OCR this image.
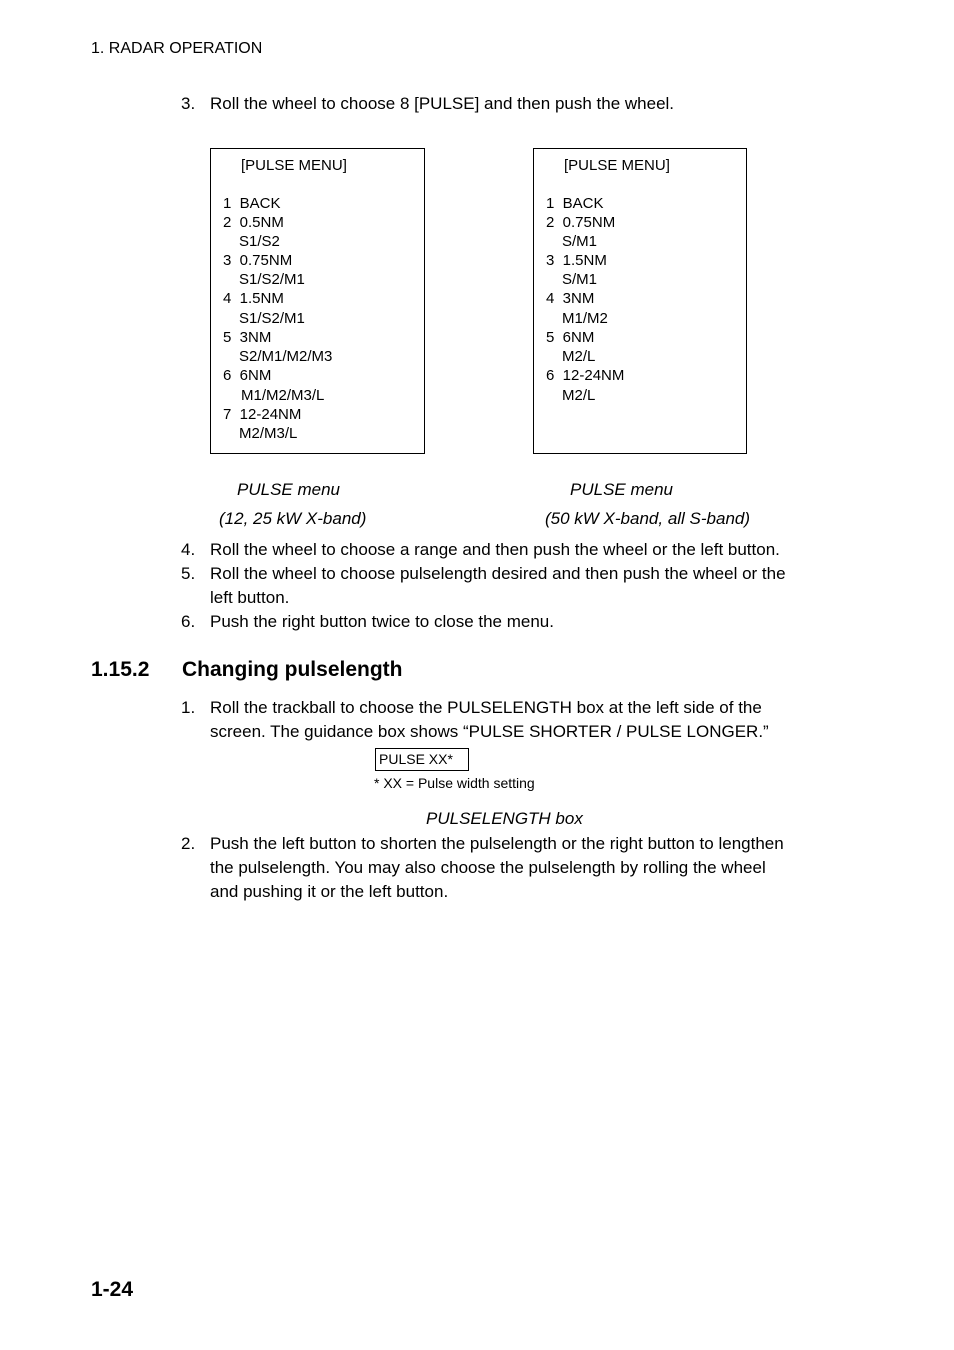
1. RADAR OPERATION
3. Roll the wheel to choose 8 [PULSE] and then push the wheel.
[PULSE MENU]
1  BACK
2  0.5NM
S1/S2
3  0.75NM
S1/S2/M1
4  1.5NM
S1/S2/M1
5  3NM
S2/M1/M2/M3
6  6NM
M1/M2/M3/L
7  12-24NM
M2/M3/L
[PULSE MENU]
1  BACK
2  0.75NM
S/M1
3  1.5NM
S/M1
4  3NM
M1/M2
5  6NM
M2/L
6  12-24NM
M2/L
PULSE menu
(12, 25 kW X-band)
PULSE menu
(50 kW X-band, all S-band)
4. Roll the wheel to choose a range and then push the wheel or the left button.
5. Roll the wheel to choose pulselength desired and then push the wheel or the
left button.
6. Push the right button twice to close the menu.
1.15.2 Changing pulselength
1. Roll the trackball to choose the PULSELENGTH box at the left side of the
screen. The guidance box shows “PULSE SHORTER / PULSE LONGER.”
PULSE XX*
* XX = Pulse width setting
PULSELENGTH box
2. Push the left button to shorten the pulselength or the right button to lengthen
the pulselength. You may also choose the pulselength by rolling the wheel
and pushing it or the left button.
1-24
